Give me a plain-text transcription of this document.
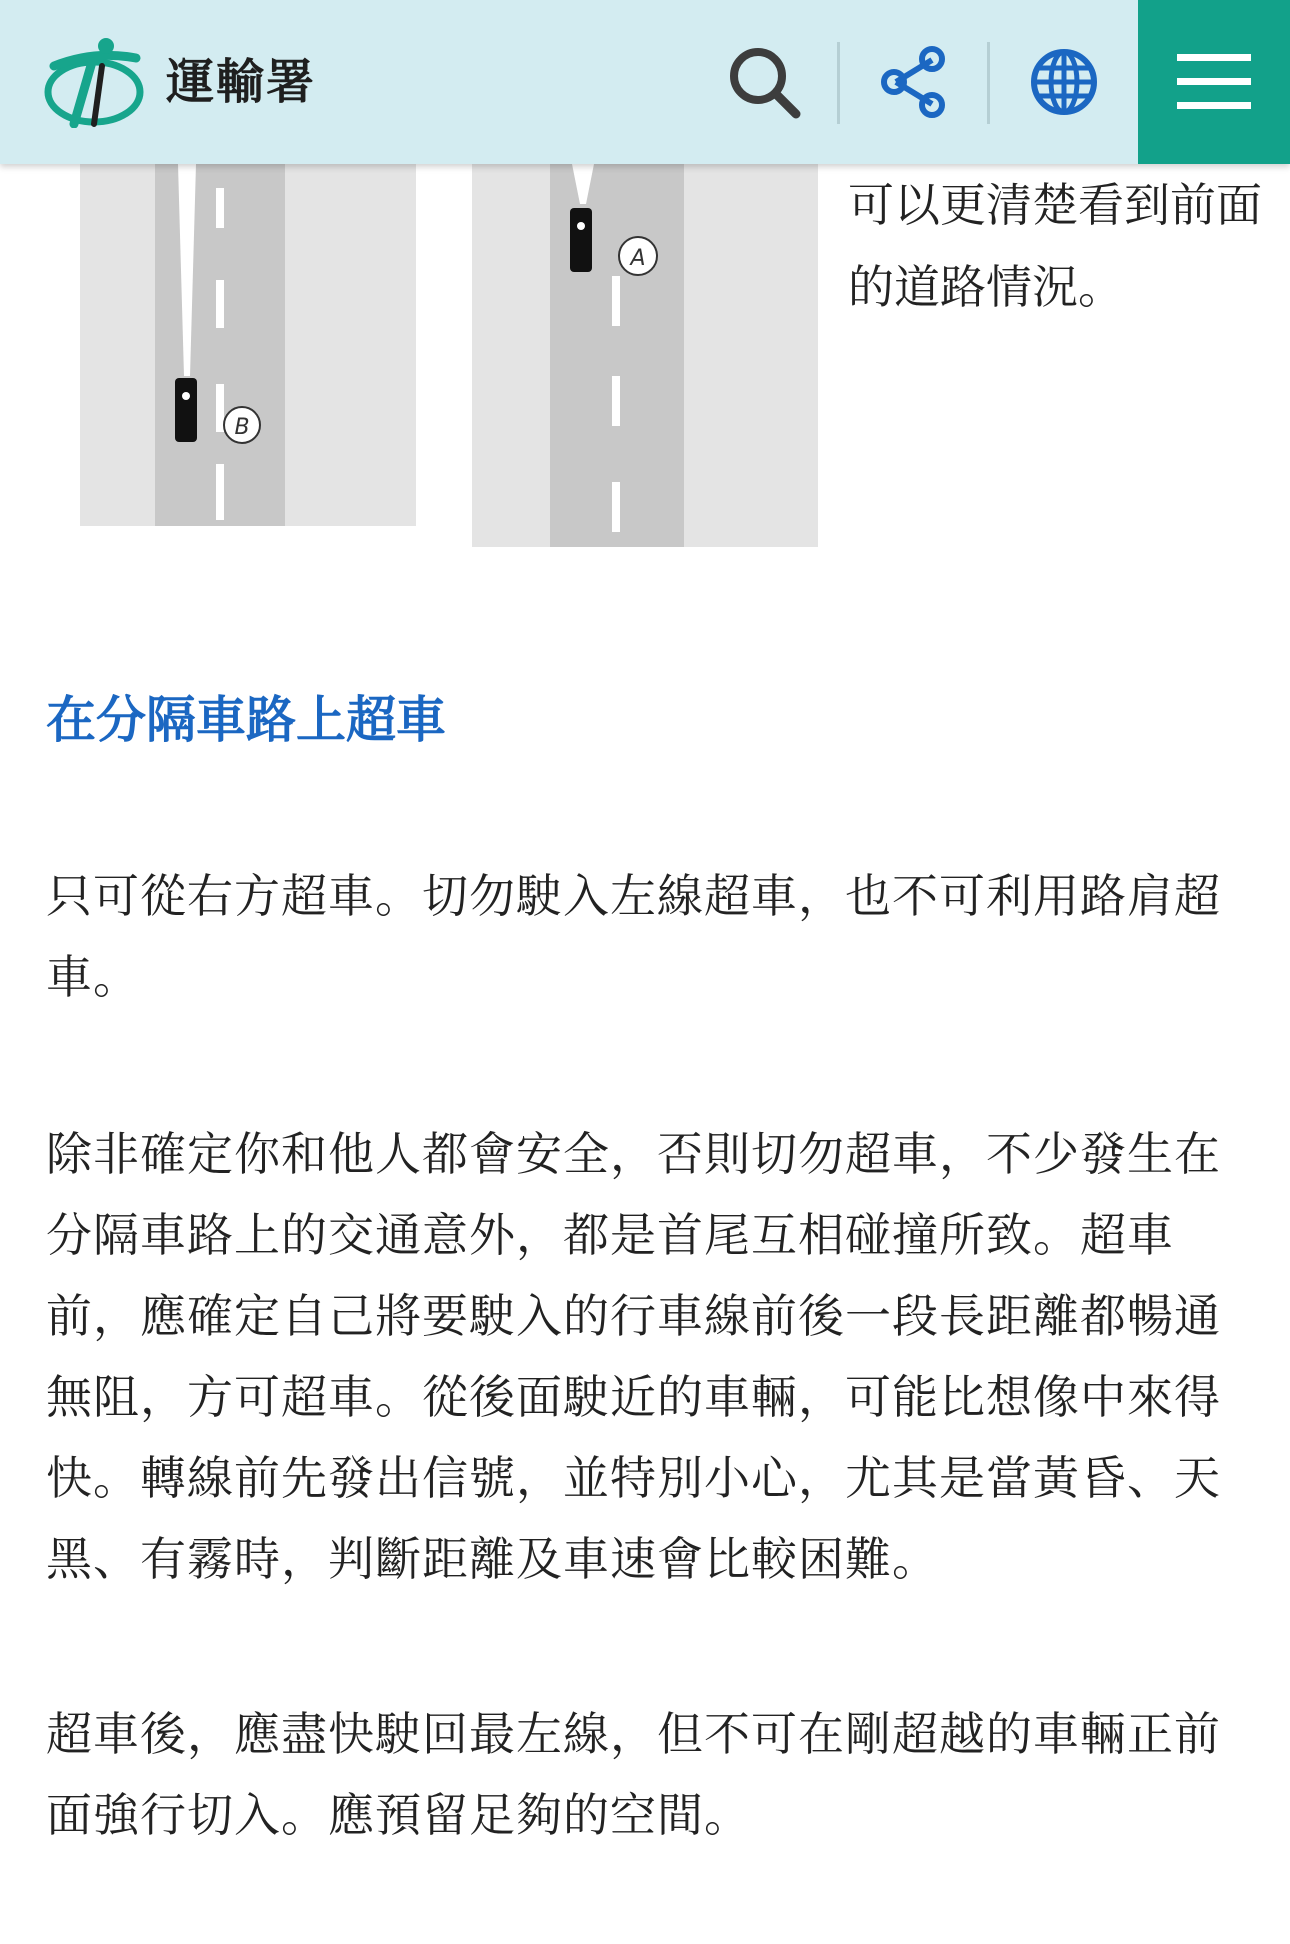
運輸署
B
A

可以更清楚看到前面的道路情況。

在分隔車路上超車

只可從右方超車。切勿駛入左線超車，也不可利用路肩超車。

除非確定你和他人都會安全，否則切勿超車，不少發生在分隔車路上的交通意外，都是首尾互相碰撞所致。超車前，應確定自己將要駛入的行車線前後一段長距離都暢通無阻，方可超車。從後面駛近的車輛，可能比想像中來得快。轉線前先發出信號，並特別小心，尤其是當黃昏、天黑、有霧時，判斷距離及車速會比較困難。

超車後，應盡快駛回最左線，但不可在剛超越的車輛正前面強行切入。應預留足夠的空間。
